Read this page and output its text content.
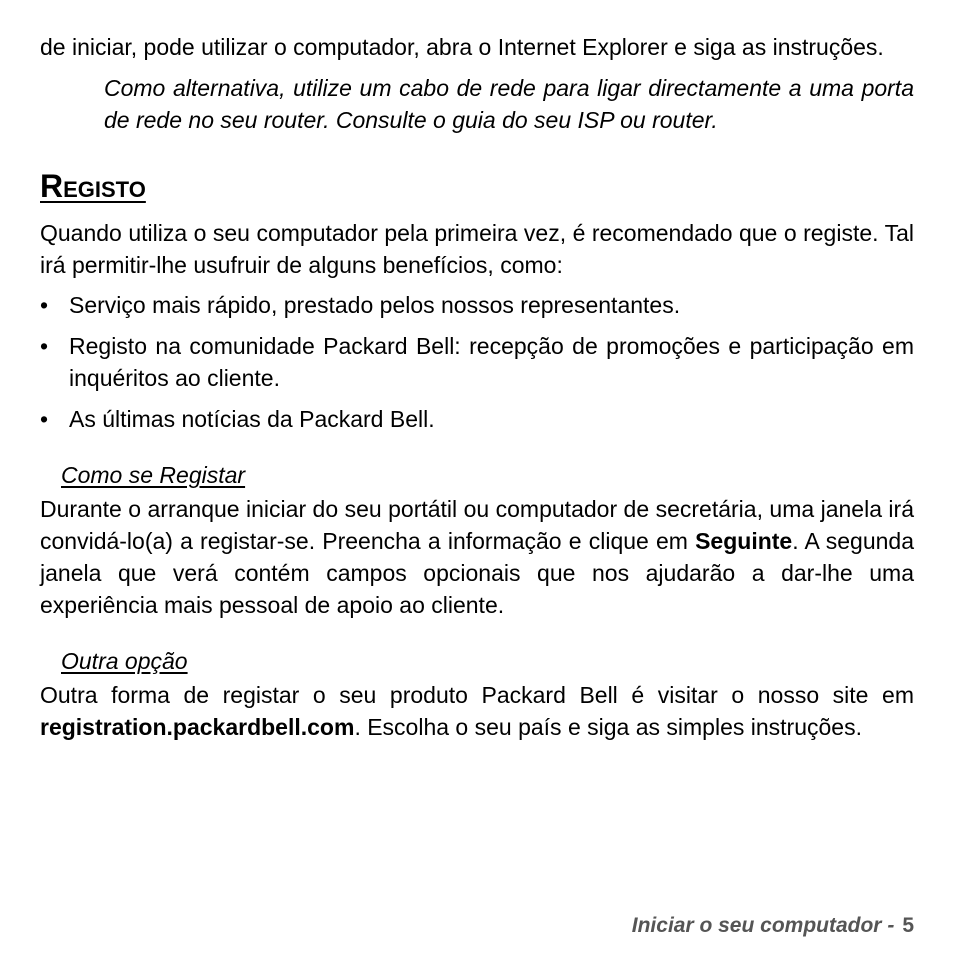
de iniciar, pode utilizar o computador, abra o Internet Explorer e siga as instruções.

Como alternativa, utilize um cabo de rede para ligar directamente a uma porta de rede no seu router. Consulte o guia do seu ISP ou router.

Registo

Quando utiliza o seu computador pela primeira vez, é recomendado que o registe. Tal irá permitir-lhe usufruir de alguns benefícios, como:

• Serviço mais rápido, prestado pelos nossos representantes.
• Registo na comunidade Packard Bell: recepção de promoções e participação em inquéritos ao cliente.
• As últimas notícias da Packard Bell.
Como se Registar

Durante o arranque iniciar do seu portátil ou computador de secretária, uma janela irá convidá-lo(a) a registar-se. Preencha a informação e clique em Seguinte. A segunda janela que verá contém campos opcionais que nos ajudarão a dar-lhe uma experiência mais pessoal de apoio ao cliente.

Outra opção

Outra forma de registar o seu produto Packard Bell é visitar o nosso site em registration.packardbell.com. Escolha o seu país e siga as simples instruções.

Iniciar o seu computador - 5
